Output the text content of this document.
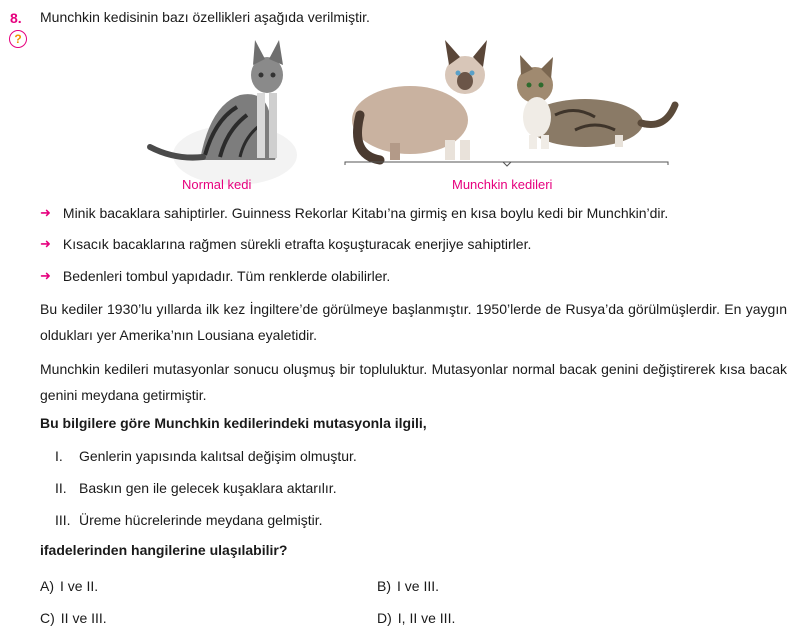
8.
?
Munchkin kedisinin bazı özellikleri aşağıda verilmiştir.
Normal kedi	Munchkin kedileri
➜ Minik bacaklara sahiptirler. Guinness Rekorlar Kitabı’na girmiş en kısa boylu kedi bir Munchkin’dir.
➜ Kısacık bacaklarına rağmen sürekli etrafta koşuşturacak enerjiye sahiptirler.
➜ Bedenleri tombul yapıdadır. Tüm renklerde olabilirler.
Bu kediler 1930’lu yıllarda ilk kez İngiltere’de görülmeye başlanmıştır. 1950’lerde de Rusya’da görülmüşlerdir. En yaygın oldukları yer Amerika’nın Lousiana eyaletidir.
Munchkin kedileri mutasyonlar sonucu oluşmuş bir topluluktur. Mutasyonlar normal bacak genini değiştirerek kısa bacak genini meydana getirmiştir.
Bu bilgilere göre Munchkin kedilerindeki mutasyonla ilgili,
I. Genlerin yapısında kalıtsal değişim olmuştur.
II. Baskın gen ile gelecek kuşaklara aktarılır.
III. Üreme hücrelerinde meydana gelmiştir.
ifadelerinden hangilerine ulaşılabilir?
A) I ve II.	B) I ve III.
C) II ve III.	D) I, II ve III.
